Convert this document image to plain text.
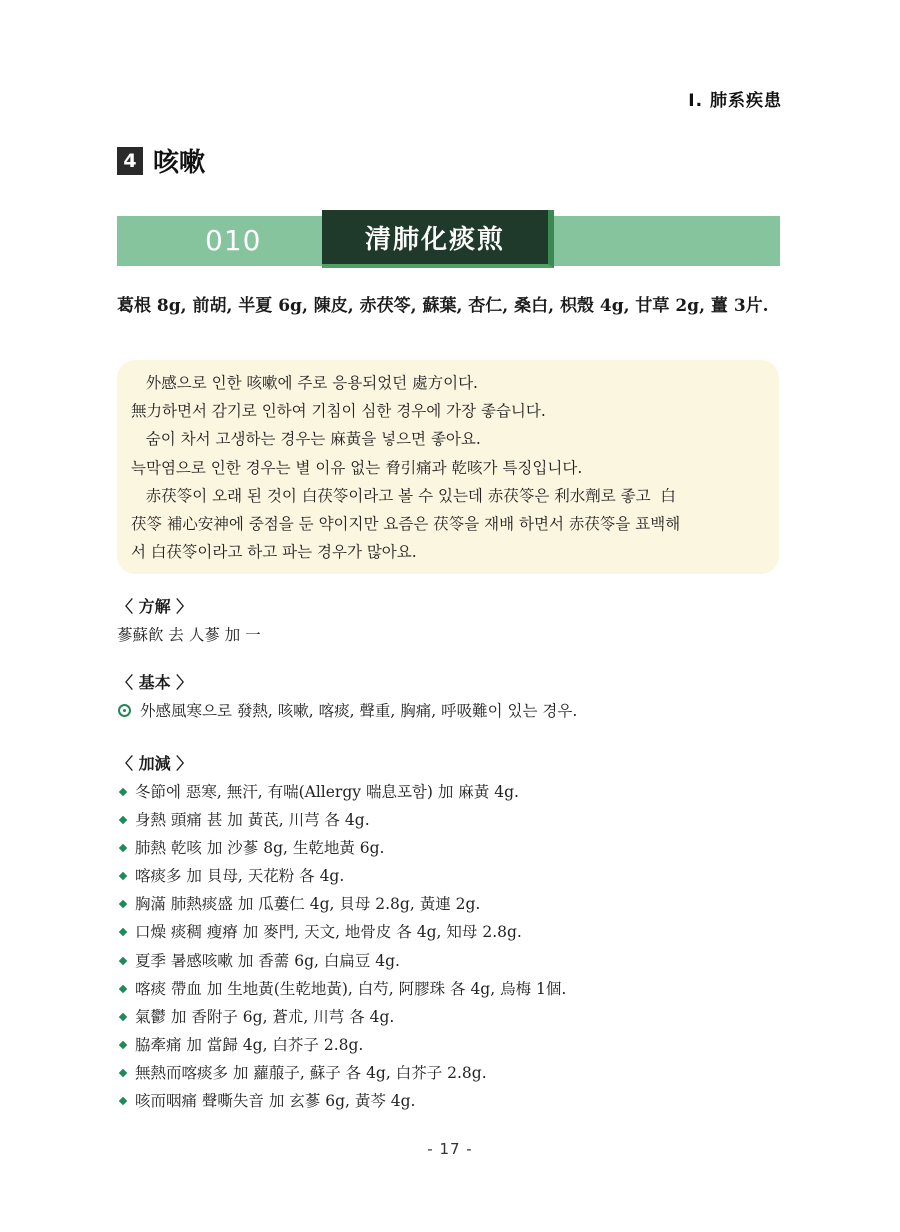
Ⅰ. 肺系疾患
4 咳嗽
010	清肺化痰煎
葛根 8g, 前胡, 半夏 6g, 陳皮, 赤茯笭, 蘇葉, 杏仁, 桑白, 枳殼 4g, 甘草 2g, 薑 3片.

外感으로 인한 咳嗽에 주로 응용되었던 處方이다.

無力하면서 감기로 인하여 기침이 심한 경우에 가장 좋습니다.

숨이 차서 고생하는 경우는 麻黃을 넣으면 좋아요.

늑막염으로 인한 경우는 별 이유 없는 脅引痛과 乾咳가 특징입니다.

赤茯笭이 오래 된 것이 白茯笭이라고 볼 수 있는데 赤茯笭은 利水劑로 좋고  白

茯笭 補心安神에 중점을 둔 약이지만 요즘은 茯笭을 재배 하면서 赤茯笭을 표백해

서 白茯笭이라고 하고 파는 경우가 많아요.

〈 方解 〉
蔘蘇飮 去 人蔘 加 一
〈 基本 〉
外感風寒으로 發熱, 咳嗽, 喀痰, 聲重, 胸痛, 呼吸難이 있는 경우.
〈 加減 〉
冬節에 惡寒, 無汗, 有喘(Allergy 喘息포함) 加 麻黃 4g.
身熱 頭痛 甚 加 黃芪, 川芎 各 4g.
肺熱 乾咳 加 沙蔘 8g, 生乾地黃 6g.
喀痰多 加 貝母, 天花粉 各 4g.
胸滿 肺熱痰盛 加 瓜蔞仁 4g, 貝母 2.8g, 黃連 2g.
口燥 痰稠 瘦瘠 加 麥門, 天文, 地骨皮 各 4g, 知母 2.8g.
夏季 暑感咳嗽 加 香薷 6g, 白扁豆 4g.
喀痰 帶血 加 生地黃(生乾地黃), 白芍, 阿膠珠 各 4g, 烏梅 1個.
氣鬱 加 香附子 6g, 蒼朮, 川芎 各 4g.
脇牽痛 加 當歸 4g, 白芥子 2.8g.
無熱而喀痰多 加 蘿菔子, 蘇子 各 4g, 白芥子 2.8g.
咳而咽痛 聲嘶失音 加 玄蔘 6g, 黃芩 4g.
- 17 -
